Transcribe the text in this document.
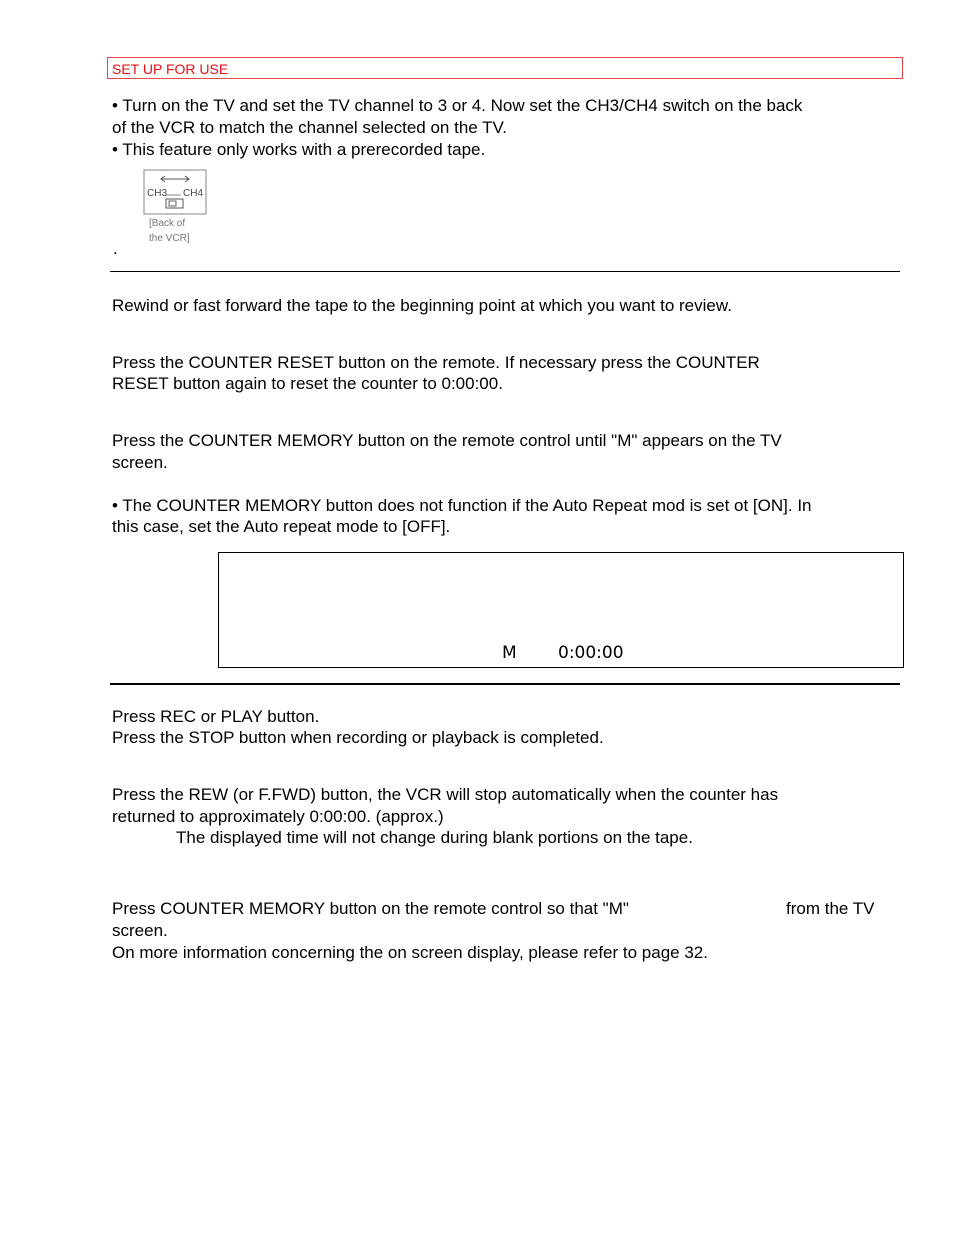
SET UP FOR USE
• Turn on the TV and set the TV channel to 3 or 4. Now set the CH3/CH4 switch on the back
of the VCR to match the channel selected on the TV.
• This feature only works with a prerecorded tape.
CH3 CH4
[Back of
the VCR]
.
Rewind or fast forward the tape to the beginning point at which you want to review.
Press the COUNTER RESET button on the remote. If necessary press the COUNTER
RESET button again to reset the counter to 0:00:00.
Press the COUNTER MEMORY button on the remote control until "M" appears on the TV
screen.
• The COUNTER MEMORY button does not function if the Auto Repeat mod is set ot [ON]. In
this case, set the Auto repeat mode to [OFF].
M 0:00:00
Press REC or PLAY button.
Press the STOP button when recording or playback is completed.
Press the REW (or F.FWD) button, the VCR will stop automatically when the counter has
returned to approximately 0:00:00. (approx.)
The displayed time will not change during blank portions on the tape.
Press COUNTER MEMORY button on the remote control so that "M"	from the TV
screen.
On more information concerning the on screen display, please refer to page 32.
